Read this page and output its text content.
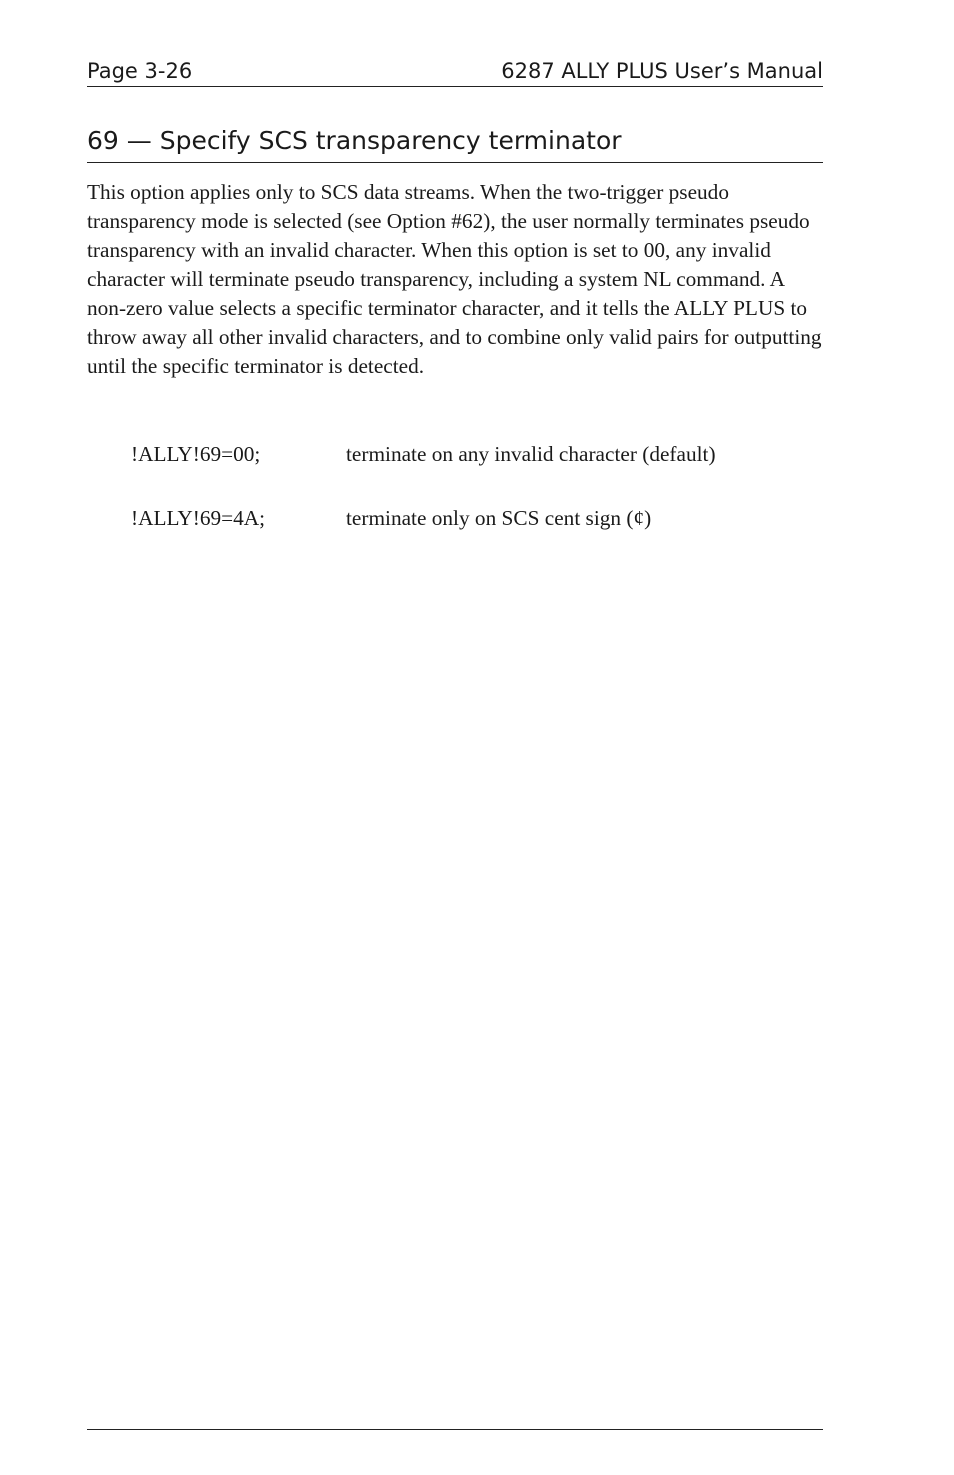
Page 3-26	6287 ALLY PLUS User’s Manual
69 — Specify SCS transparency terminator

This option applies only to SCS data streams. When the two-trigger pseudo transparency mode is selected (see Option #62), the user normally terminates pseudo transparency with an invalid character. When this option is set to 00, any invalid character will terminate pseudo transparency, including a system NL command. A non-zero value selects a specific terminator character, and it tells the ALLY PLUS to throw away all other invalid characters, and to combine only valid pairs for outputting until the specific terminator is detected.

!ALLY!69=00;	terminate on any invalid character (default)
!ALLY!69=4A;	terminate only on SCS cent sign (¢)
